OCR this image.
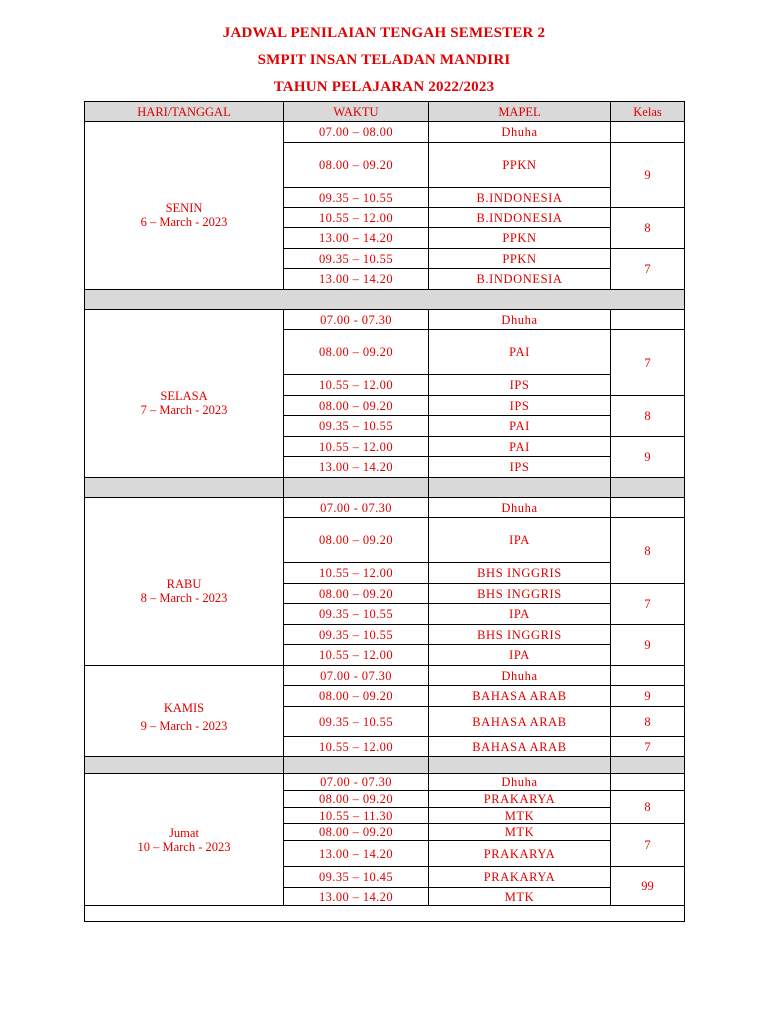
JADWAL PENILAIAN TENGAH SEMESTER 2
SMPIT INSAN TELADAN MANDIRI
TAHUN PELAJARAN 2022/2023
HARI/TANGGAL	WAKTU	MAPEL	Kelas

SENIN
6 – March - 2023	07.00 – 08.00	Dhuha	
	08.00 – 09.20	PPKN	9
	09.35 – 10.55	B.INDONESIA	
	10.55 – 12.00	B.INDONESIA	8
	13.00 – 14.20	PPKN	
	09.35 – 10.55	PPKN	7
	13.00 – 14.20	B.INDONESIA	

SELASA
7 – March - 2023	07.00 - 07.30	Dhuha	
	08.00 – 09.20	PAI	7
	10.55 – 12.00	IPS	
	08.00 – 09.20	IPS	8
	09.35 – 10.55	PAI	
	10.55 – 12.00	PAI	9
	13.00 – 14.20	IPS	

RABU
8 – March - 2023	07.00 - 07.30	Dhuha	
	08.00 – 09.20	IPA	8
	10.55 – 12.00	BHS INGGRIS	
	08.00 – 09.20	BHS INGGRIS	7
	09.35 – 10.55	IPA	
	09.35 – 10.55	BHS INGGRIS	9
	10.55 – 12.00	IPA	

KAMIS
9 – March - 2023	07.00 - 07.30	Dhuha	
	08.00 – 09.20	BAHASA ARAB	9
	09.35 – 10.55	BAHASA ARAB	8
	10.55 – 12.00	BAHASA ARAB	7

Jumat
10 – March - 2023	07.00 - 07.30	Dhuha	
	08.00 – 09.20	PRAKARYA	8
	10.55 – 11.30	MTK	
	08.00 – 09.20	MTK	7
	13.00 – 14.20	PRAKARYA	
	09.35 – 10.45	PRAKARYA	99
	13.00 – 14.20	MTK	
